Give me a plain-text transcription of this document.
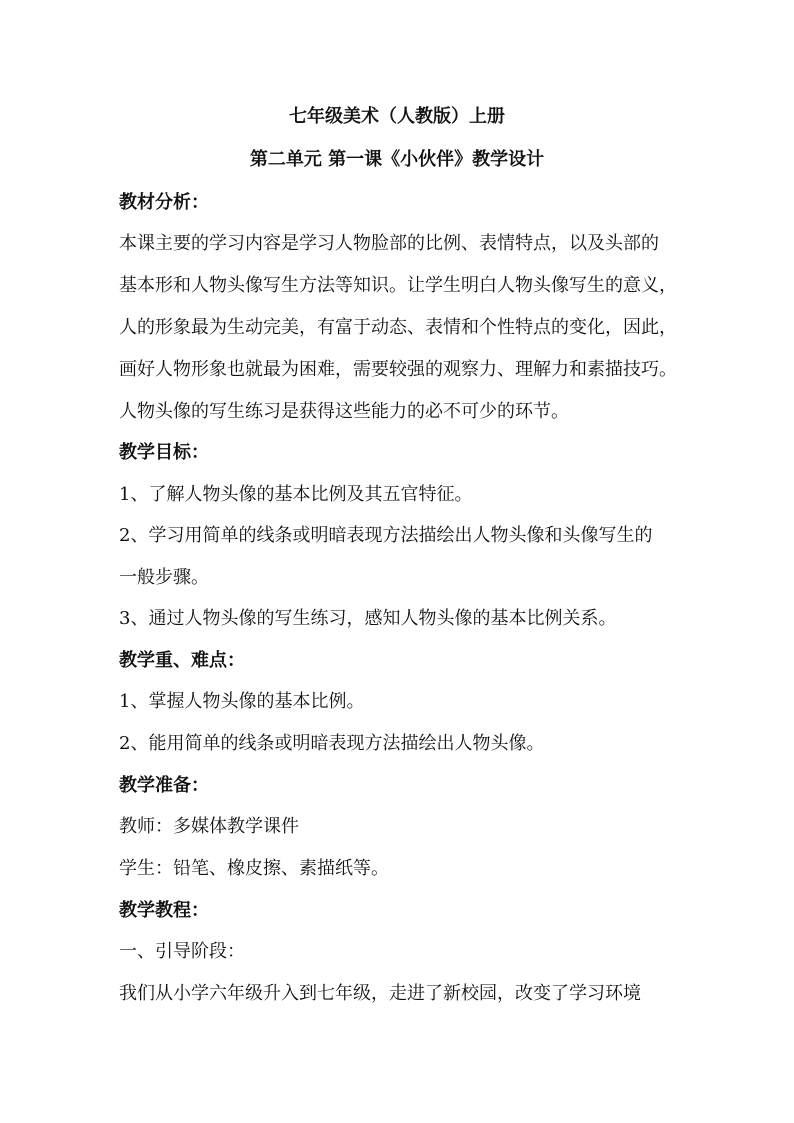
七年级美术（人教版）上册
第二单元 第一课《小伙伴》教学设计
教材分析：
本课主要的学习内容是学习人物脸部的比例、表情特点，以及头部的
基本形和人物头像写生方法等知识。让学生明白人物头像写生的意义，
人的形象最为生动完美，有富于动态、表情和个性特点的变化，因此，
画好人物形象也就最为困难，需要较强的观察力、理解力和素描技巧。
人物头像的写生练习是获得这些能力的必不可少的环节。
教学目标：
1、了解人物头像的基本比例及其五官特征。
2、学习用简单的线条或明暗表现方法描绘出人物头像和头像写生的
一般步骤。
3、通过人物头像的写生练习，感知人物头像的基本比例关系。
教学重、难点：
1、掌握人物头像的基本比例。
2、能用简单的线条或明暗表现方法描绘出人物头像。
教学准备：
教师：多媒体教学课件
学生：铅笔、橡皮擦、素描纸等。
教学教程：
一、引导阶段：
我们从小学六年级升入到七年级，走进了新校园，改变了学习环境
